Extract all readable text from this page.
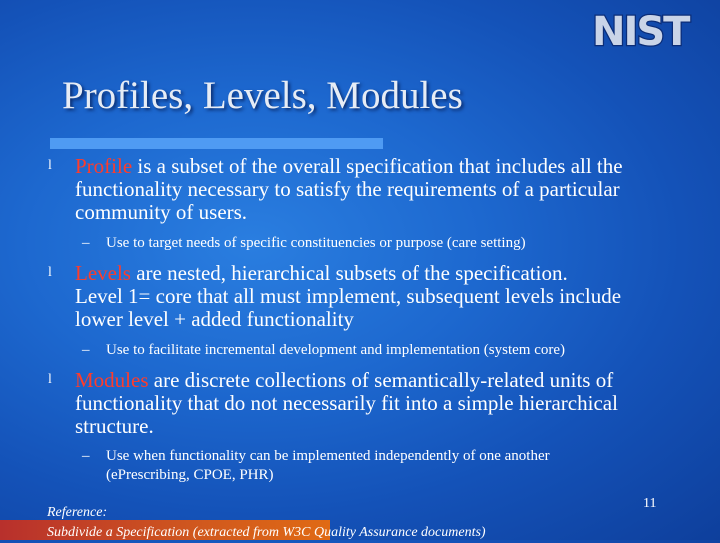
NIST
Profiles, Levels, Modules
l Profile is a subset of the overall specification that includes all the
functionality necessary to satisfy the requirements of a particular
community of users.
– Use to target needs of specific constituencies or purpose (care setting)
l Levels are nested, hierarchical subsets of the specification.
Level 1= core that all must implement, subsequent levels include
lower level + added functionality
– Use to facilitate incremental development and implementation (system core)
l Modules are discrete collections of semantically-related units of
functionality that do not necessarily fit into a simple hierarchical
structure.
– Use when functionality can be implemented independently of one another
(ePrescribing, CPOE, PHR)
11
Reference:
Subdivide a Specification (extracted from W3C Quality Assurance documents)
